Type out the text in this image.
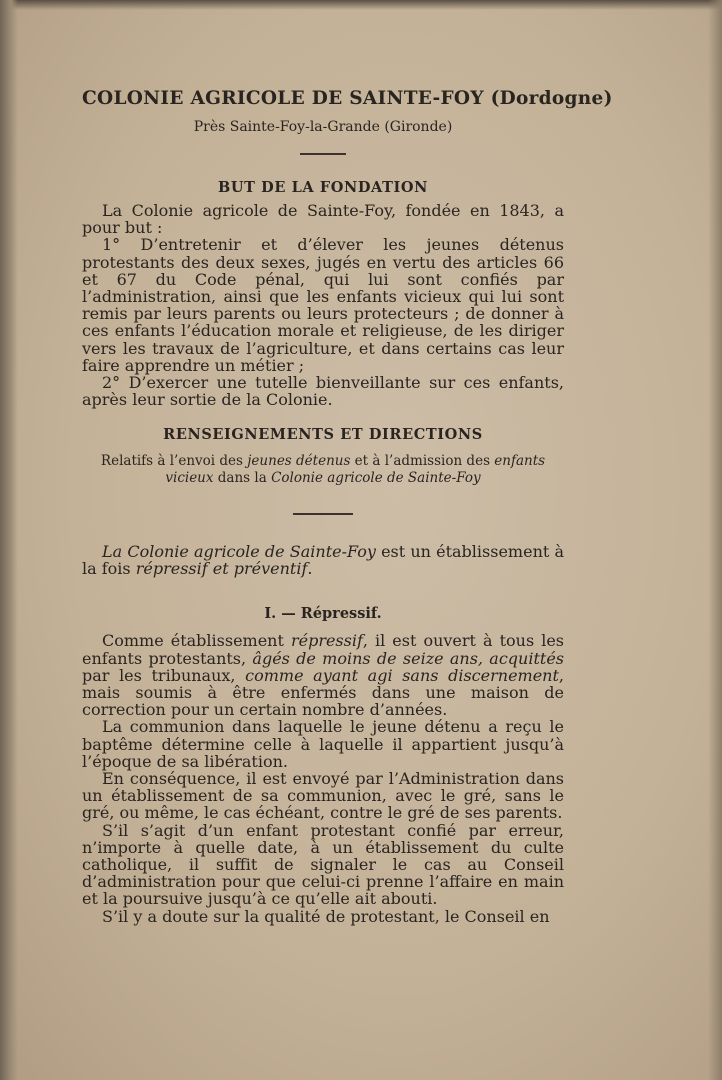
COLONIE AGRICOLE DE SAINTE-FOY (Dordogne)
Près Sainte-Foy-la-Grande (Gironde)
BUT DE LA FONDATION

La Colonie agricole de Sainte-Foy, fondée en 1843, a pour but :

1° D’entretenir et d’élever les jeunes détenus protestants des deux sexes, jugés en vertu des articles 66 et 67 du Code pénal, qui lui sont confiés par l’administration, ainsi que les enfants vicieux qui lui sont remis par leurs parents ou leurs protecteurs ; de donner à ces enfants l’éducation morale et religieuse, de les diriger vers les travaux de l’agriculture, et dans certains cas leur faire apprendre un métier ;

2° D’exercer une tutelle bienveillante sur ces enfants, après leur sortie de la Colonie.

RENSEIGNEMENTS ET DIRECTIONS
Relatifs à l’envoi des jeunes détenus et à l’admission des enfants vicieux dans la Colonie agricole de Sainte-Foy

La Colonie agricole de Sainte-Foy est un établissement à la fois répressif et préventif.

I. — Répressif.

Comme établissement répressif, il est ouvert à tous les enfants protestants, âgés de moins de seize ans, acquittés par les tribunaux, comme ayant agi sans discernement, mais soumis à être enfermés dans une maison de correction pour un certain nombre d’années.

La communion dans laquelle le jeune détenu a reçu le baptême détermine celle à laquelle il appartient jusqu’à l’époque de sa libération.

En conséquence, il est envoyé par l’Administration dans un établissement de sa communion, avec le gré, sans le gré, ou même, le cas échéant, contre le gré de ses parents.

S’il s’agit d’un enfant protestant confié par erreur, n’importe à quelle date, à un établissement du culte catholique, il suffit de signaler le cas au Conseil d’administration pour que celui-ci prenne l’affaire en main et la poursuive jusqu’à ce qu’elle ait abouti.

S’il y a doute sur la qualité de protestant, le Conseil en
